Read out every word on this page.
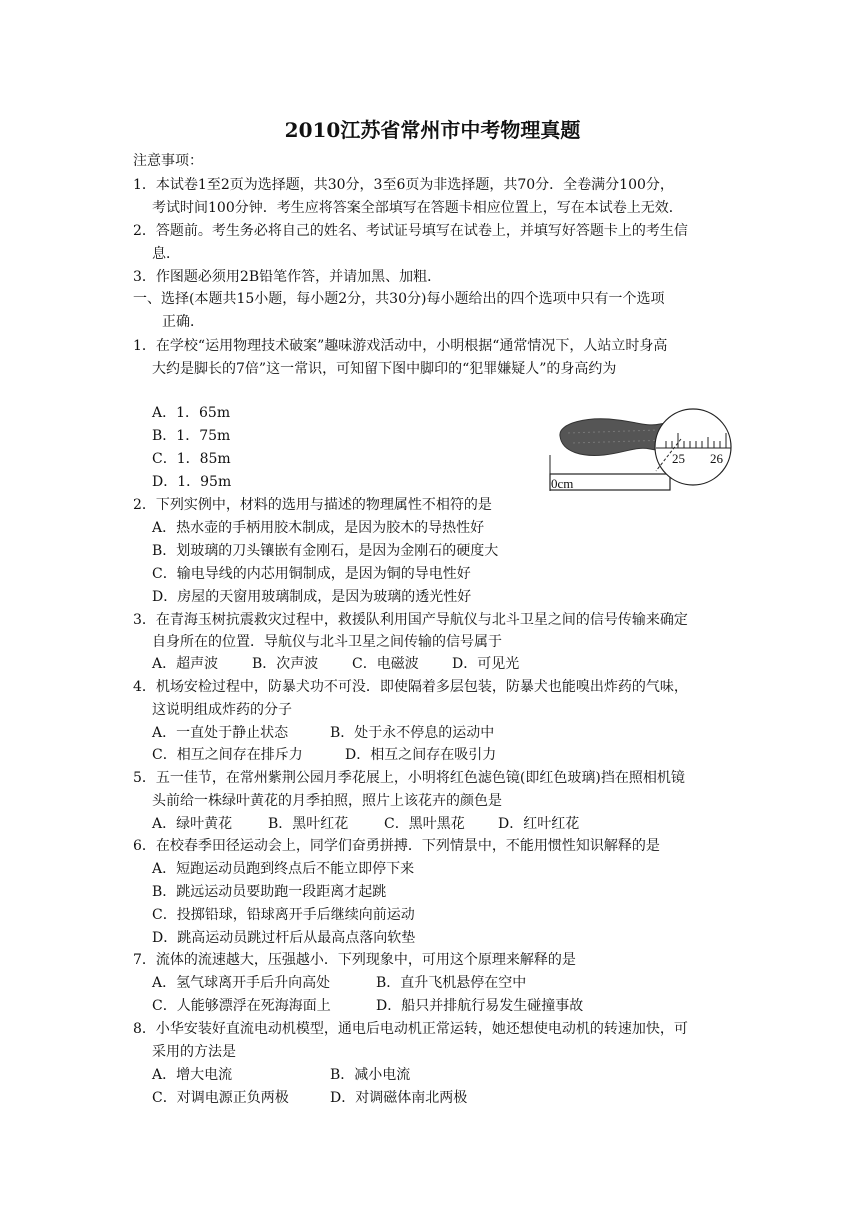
2010江苏省常州市中考物理真题
注意事项：
1．本试卷1至2页为选择题，共30分，3至6页为非选择题，共70分．全卷满分100分，
考试时间100分钟．考生应将答案全部填写在答题卡相应位置上，写在本试卷上无效．
2．答题前。考生务必将自己的姓名、考试证号填写在试卷上，并填写好答题卡上的考生信
息．
3．作图题必须用2B铅笔作答，并请加黑、加粗．
一、选择(本题共15小题，每小题2分，共30分)每小题给出的四个选项中只有一个选项
正确．
1．在学校“运用物理技术破案”趣味游戏活动中，小明根据“通常情况下，人站立时身高
大约是脚长的7倍”这一常识，可知留下图中脚印的“犯罪嫌疑人”的身高约为
A．1．65m
B．1．75m
C．1．85m
D．1．95m
25 26
0cm
2．下列实例中，材料的选用与描述的物理属性不相符的是
A．热水壶的手柄用胶木制成，是因为胶木的导热性好
B．划玻璃的刀头镶嵌有金刚石，是因为金刚石的硬度大
C．输电导线的内芯用铜制成，是因为铜的导电性好
D．房屋的天窗用玻璃制成，是因为玻璃的透光性好
3．在青海玉树抗震救灾过程中，救援队利用国产导航仪与北斗卫星之间的信号传输来确定
自身所在的位置．导航仪与北斗卫星之间传输的信号属于
A．超声波 B．次声波 C．电磁波 D．可见光
4．机场安检过程中，防暴犬功不可没．即使隔着多层包装，防暴犬也能嗅出炸药的气味，
这说明组成炸药的分子
A．一直处于静止状态	B．处于永不停息的运动中
C．相互之间存在排斥力	D．相互之间存在吸引力
5．五一佳节，在常州紫荆公园月季花展上，小明将红色滤色镜(即红色玻璃)挡在照相机镜
头前给一株绿叶黄花的月季拍照，照片上该花卉的颜色是
A．绿叶黄花	B．黑叶红花	C．黑叶黑花 D．红叶红花
6．在校春季田径运动会上，同学们奋勇拼搏．下列情景中，不能用惯性知识解释的是
A．短跑运动员跑到终点后不能立即停下来
B．跳远运动员要助跑一段距离才起跳
C．投掷铅球，铅球离开手后继续向前运动
D．跳高运动员跳过杆后从最高点落向软垫
7．流体的流速越大，压强越小．下列现象中，可用这个原理来解释的是
A．氢气球离开手后升向高处	B．直升飞机悬停在空中
C．人能够漂浮在死海海面上	D．船只并排航行易发生碰撞事故
8．小华安装好直流电动机模型，通电后电动机正常运转，她还想使电动机的转速加快，可
采用的方法是
A．增大电流	B．减小电流
C．对调电源正负两极	D．对调磁体南北两极
